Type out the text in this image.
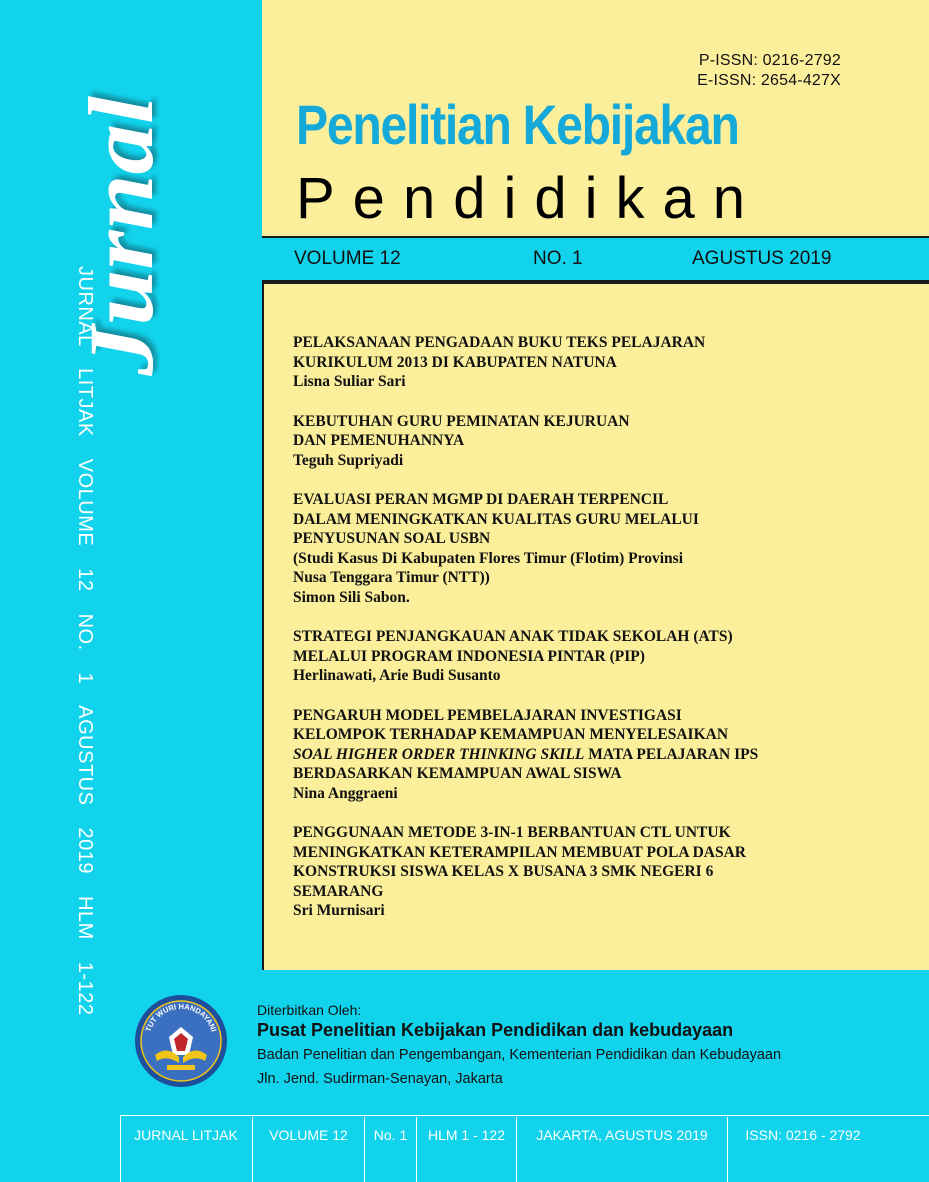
P-ISSN: 0216-2792
E-ISSN: 2654-427X
Penelitian Kebijakan
Pendidikan
VOLUME 12	NO. 1	AGUSTUS 2019
Jurnal
JURNAL LITJAK VOLUME 12 NO. 1 AGUSTUS 2019 HLM 1-122	PELAKSANAAN PENGADAAN BUKU TEKS PELAJARAN
KURIKULUM 2013 DI KABUPATEN NATUNA
Lisna Suliar Sari
KEBUTUHAN GURU PEMINATAN KEJURUAN
DAN PEMENUHANNYA
Teguh Supriyadi
EVALUASI PERAN MGMP DI DAERAH TERPENCIL
DALAM MENINGKATKAN KUALITAS GURU MELALUI
PENYUSUNAN SOAL USBN
(Studi Kasus Di Kabupaten Flores Timur (Flotim) Provinsi
Nusa Tenggara Timur (NTT))
Simon Sili Sabon.
STRATEGI PENJANGKAUAN ANAK TIDAK SEKOLAH (ATS)
MELALUI PROGRAM INDONESIA PINTAR (PIP)
Herlinawati, Arie Budi Susanto
PENGARUH MODEL PEMBELAJARAN INVESTIGASI
KELOMPOK TERHADAP KEMAMPUAN MENYELESAIKAN
SOAL HIGHER ORDER THINKING SKILL MATA PELAJARAN IPS
BERDASARKAN KEMAMPUAN AWAL SISWA
Nina Anggraeni
PENGGUNAAN METODE 3-IN-1 BERBANTUAN CTL UNTUK
MENINGKATKAN KETERAMPILAN MEMBUAT POLA DASAR
KONSTRUKSI SISWA KELAS X BUSANA 3 SMK NEGERI 6
SEMARANG
Sri Murnisari
TUT WURI HANDAYANI
Diterbitkan Oleh:
Pusat Penelitian Kebijakan Pendidikan dan kebudayaan
Badan Penelitian dan Pengembangan, Kementerian Pendidikan dan Kebudayaan
Jln. Jend. Sudirman-Senayan, Jakarta
JURNAL LITJAK	VOLUME 12	No. 1	HLM 1 - 122	JAKARTA, AGUSTUS 2019	ISSN: 0216 - 2792
